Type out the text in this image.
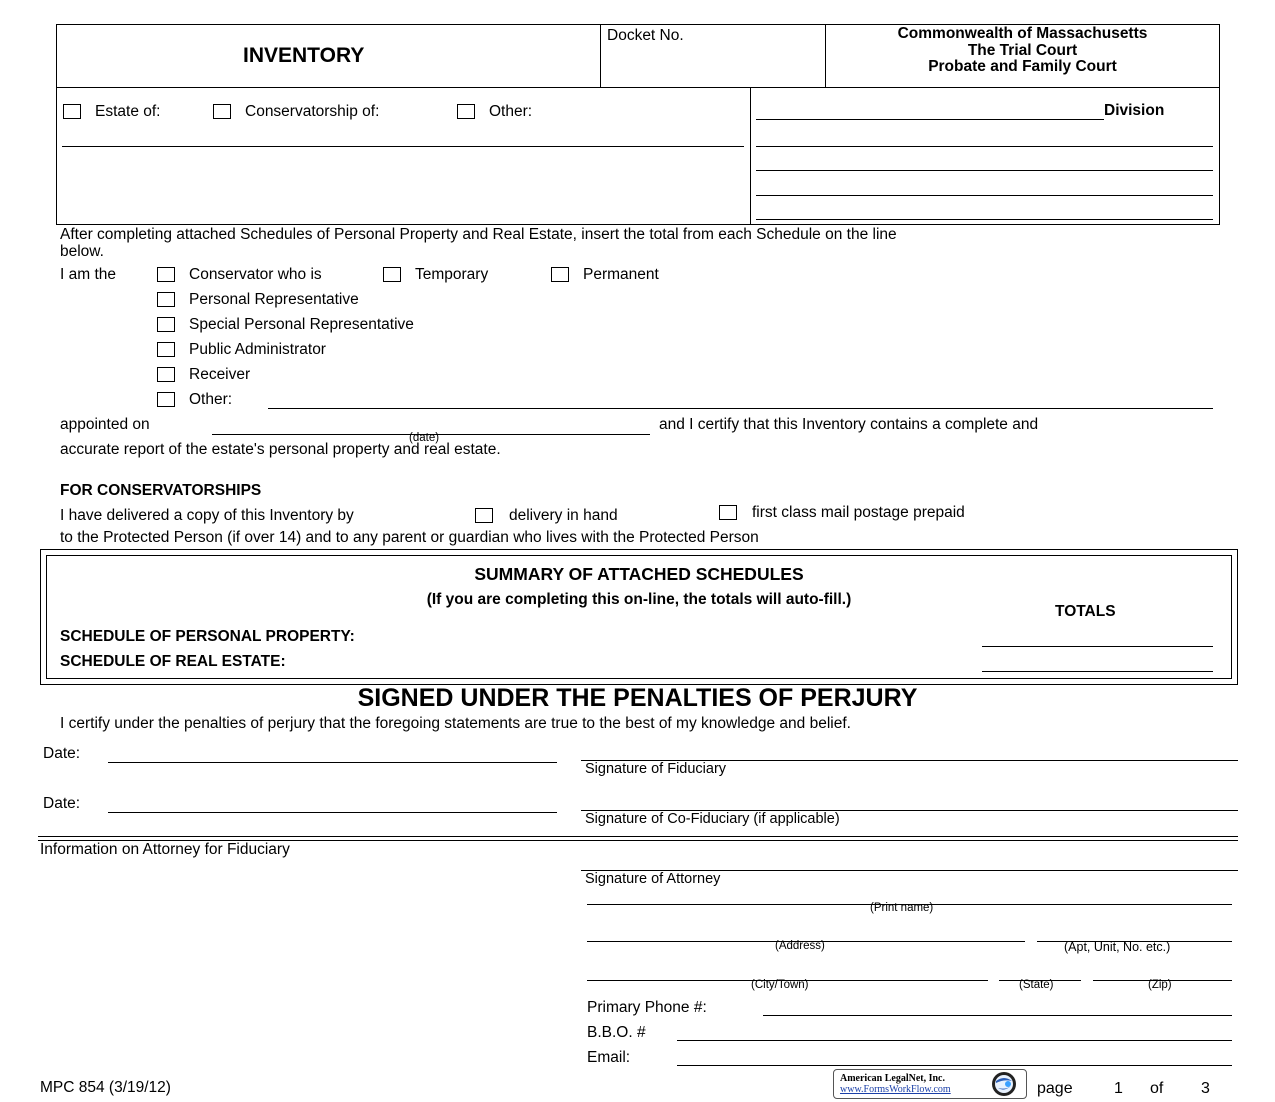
INVENTORY
Docket No.	Commonwealth of Massachusetts
The Trial Court
Probate and Family Court
Estate of:	Conservatorship of:	Other:	Division
After completing attached Schedules of Personal Property and Real Estate, insert the total from each Schedule on the line
below.
I am the	Conservator who is	Temporary	Permanent
Personal Representative
Special Personal Representative
Public Administrator
Receiver
Other:
appointed on
(date)
and I certify that this Inventory contains a complete and
accurate report of the estate's personal property and real estate.
FOR CONSERVATORSHIPS
I have delivered a copy of this Inventory by	delivery in hand	first class mail postage prepaid
to the Protected Person (if over 14) and to any parent or guardian who lives with the Protected Person
SUMMARY OF ATTACHED SCHEDULES
(If you are completing this on-line, the totals will auto-fill.)
TOTALS
SCHEDULE OF PERSONAL PROPERTY:
SCHEDULE OF REAL ESTATE:
SIGNED UNDER THE PENALTIES OF PERJURY
I certify under the penalties of perjury that the foregoing statements are true to the best of my knowledge and belief.
Date:
Signature of Fiduciary
Date:
Signature of Co-Fiduciary (if applicable)
Information on Attorney for Fiduciary
Signature of Attorney
(Print name)
(Address)	(Apt, Unit, No. etc.)
(City/Town)	(State)	(Zip)
Primary Phone #:
B.B.O. #
Email:
MPC 854 (3/19/12)
American LegalNet, Inc.
www.FormsWorkFlow.com	page	1 of 3
